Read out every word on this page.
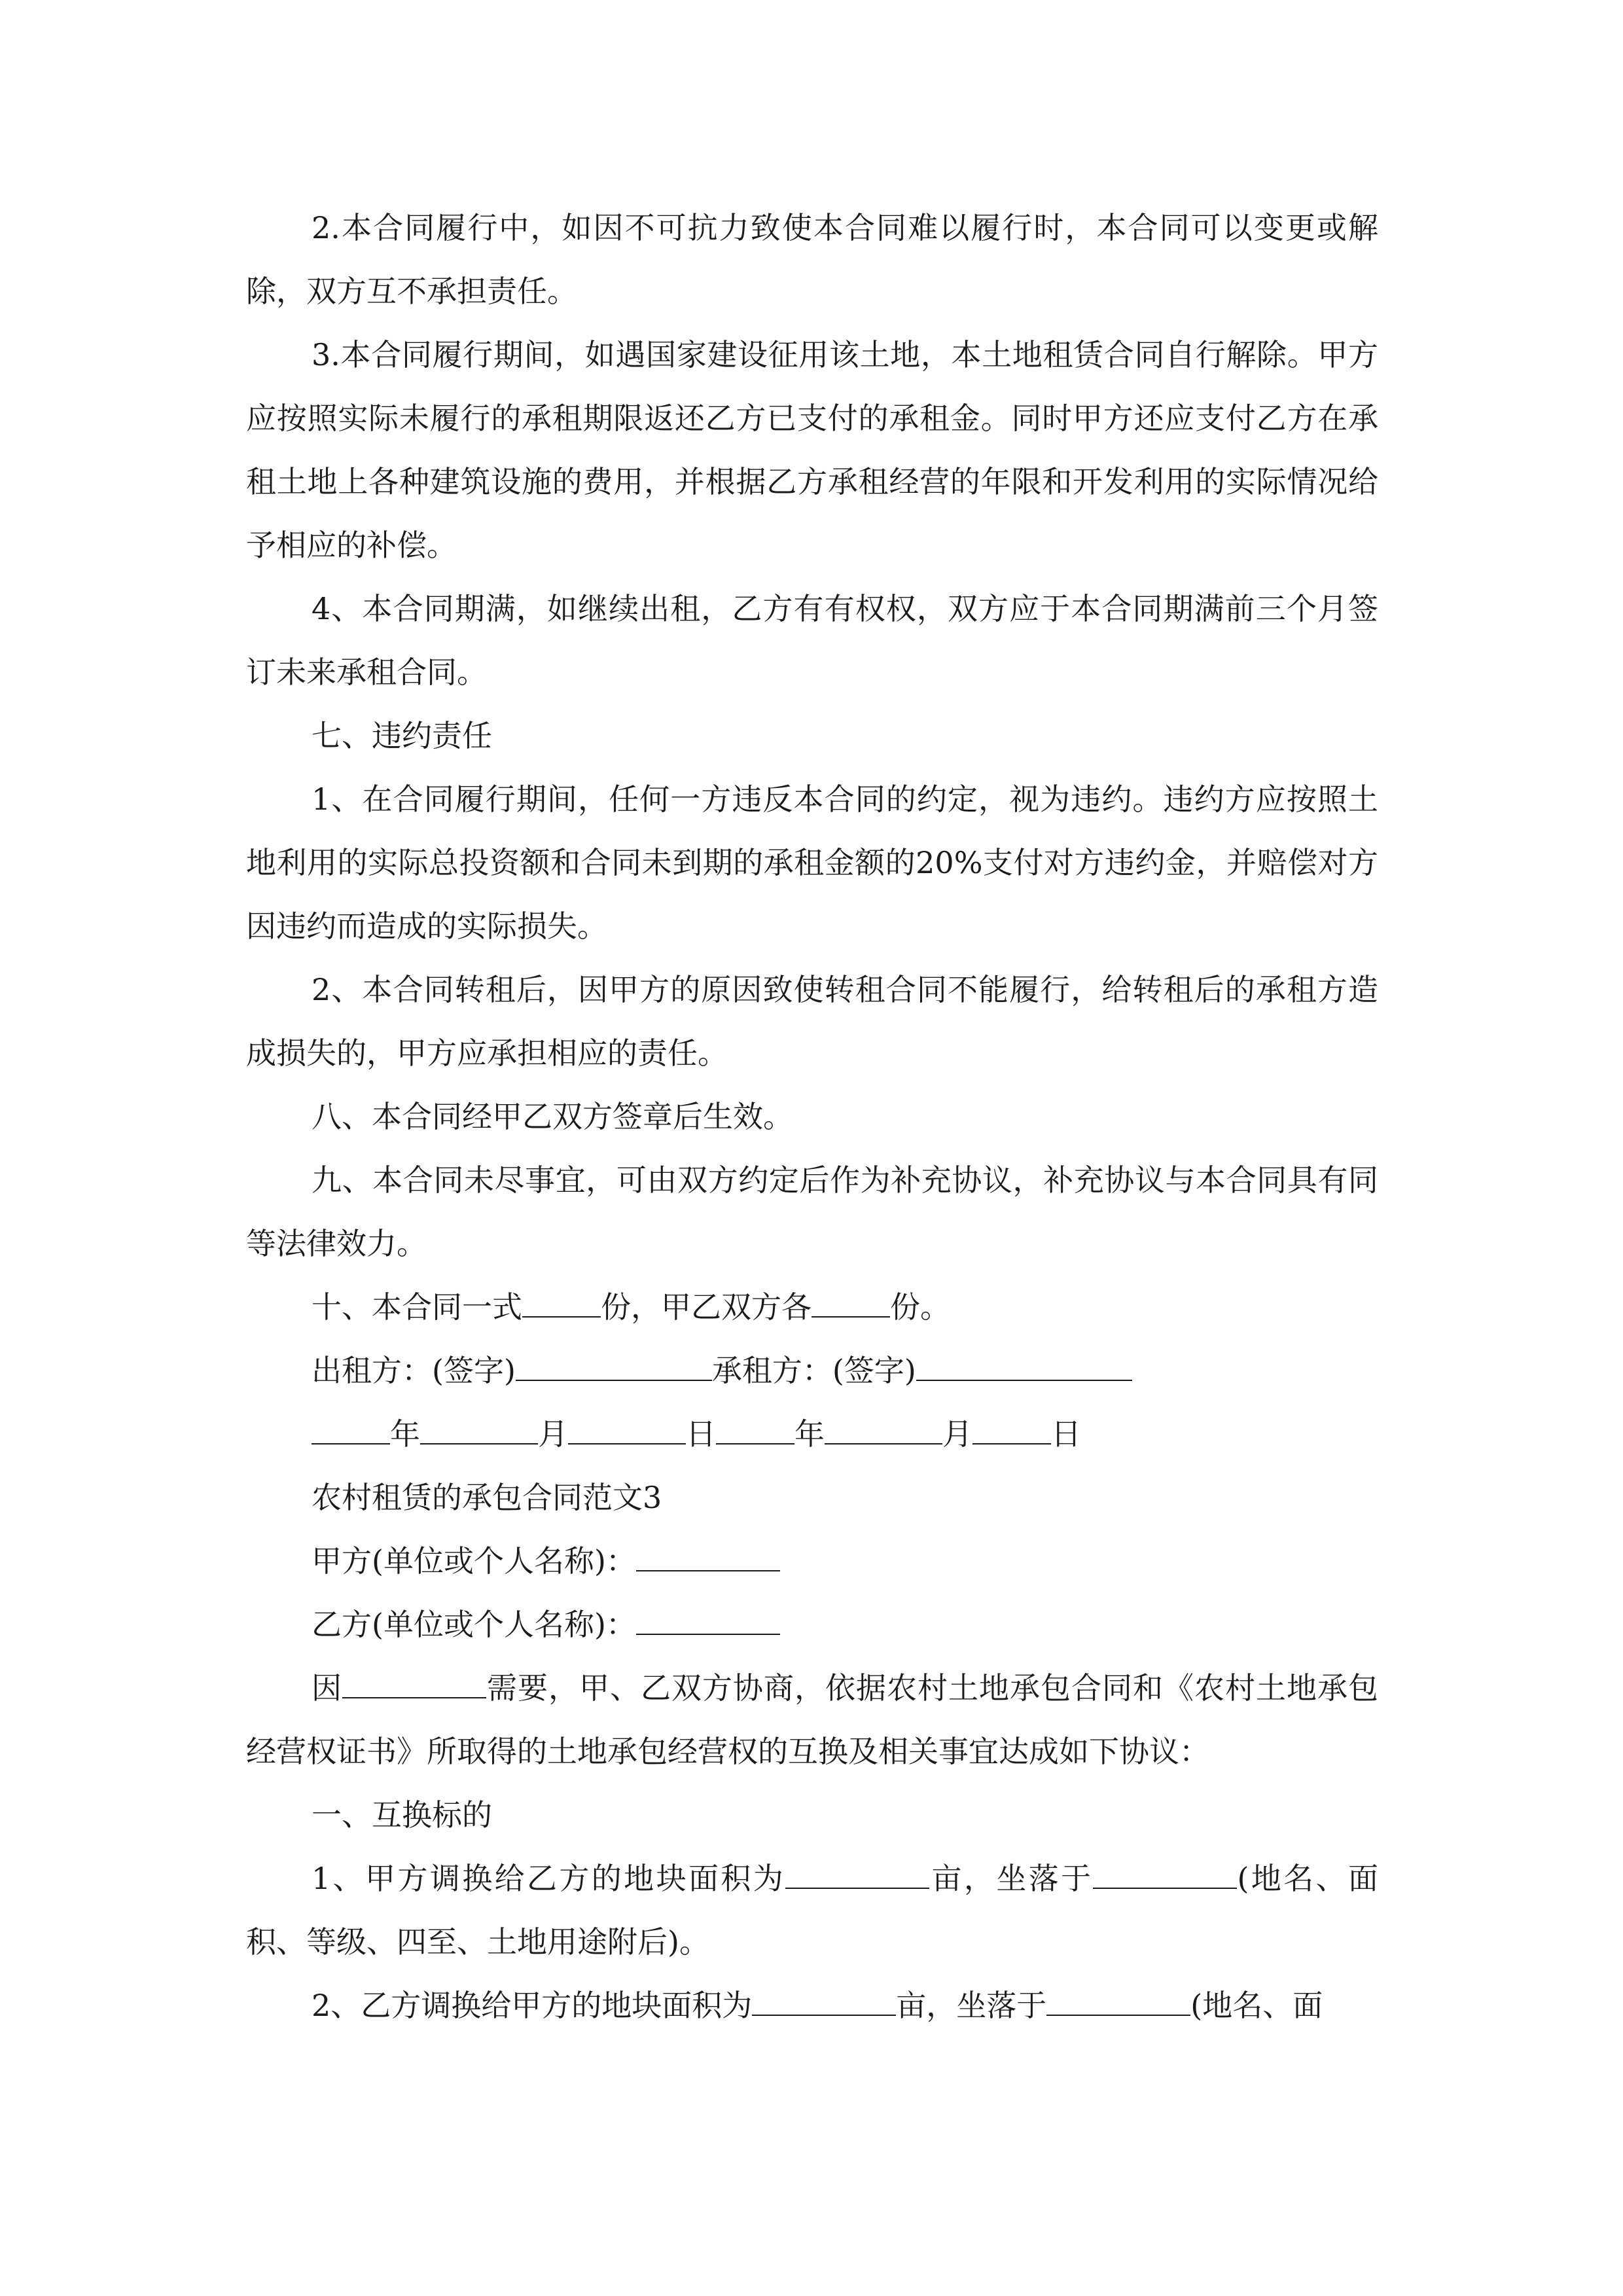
2.本合同履行中，如因不可抗力致使本合同难以履行时，本合同可以变更或解除，双方互不承担责任。

3.本合同履行期间，如遇国家建设征用该土地，本土地租赁合同自行解除。甲方应按照实际未履行的承租期限返还乙方已支付的承租金。同时甲方还应支付乙方在承租土地上各种建筑设施的费用，并根据乙方承租经营的年限和开发利用的实际情况给予相应的补偿。

4、本合同期满，如继续出租，乙方有有权权，双方应于本合同期满前三个月签订未来承租合同。

七、违约责任

1、在合同履行期间，任何一方违反本合同的约定，视为违约。违约方应按照土地利用的实际总投资额和合同未到期的承租金额的20%支付对方违约金，并赔偿对方因违约而造成的实际损失。

2、本合同转租后，因甲方的原因致使转租合同不能履行，给转租后的承租方造成损失的，甲方应承担相应的责任。

八、本合同经甲乙双方签章后生效。

九、本合同未尽事宜，可由双方约定后作为补充协议，补充协议与本合同具有同等法律效力。

十、本合同一式	份，甲乙双方各	份。

出租方：(签字)	承租方：(签字)

年	月	日	年	月	日

农村租赁的承包合同范文3

甲方(单位或个人名称)：

乙方(单位或个人名称)：

因	需要，甲、乙双方协商，依据农村土地承包合同和《农村土地承包经营权证书》所取得的土地承包经营权的互换及相关事宜达成如下协议：

一、互换标的

1、甲方调换给乙方的地块面积为	亩，坐落于	(地名、面积、等级、四至、土地用途附后)。

2、乙方调换给甲方的地块面积为	亩，坐落于	(地名、面
